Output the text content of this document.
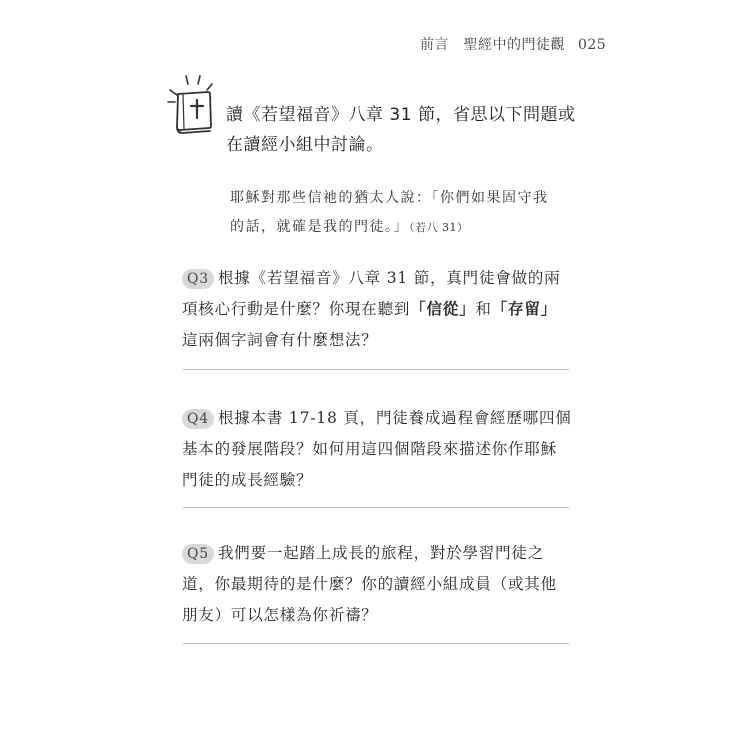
前言　聖經中的門徒觀 025
讀《若望福音》八章 31 節，省思以下問題或在讀經小組中討論。
耶穌對那些信祂的猶太人說：「你們如果固守我的話，就確是我的門徒。」（若八 31）
Q3 根據《若望福音》八章 31 節，真門徒會做的兩項核心行動是什麼？你現在聽到「信從」和「存留」這兩個字詞會有什麼想法？
Q4 根據本書 17-18 頁，門徒養成過程會經歷哪四個基本的發展階段？如何用這四個階段來描述你作耶穌門徒的成長經驗？
Q5 我們要一起踏上成長的旅程，對於學習門徒之道，你最期待的是什麼？你的讀經小組成員（或其他朋友）可以怎樣為你祈禱？
